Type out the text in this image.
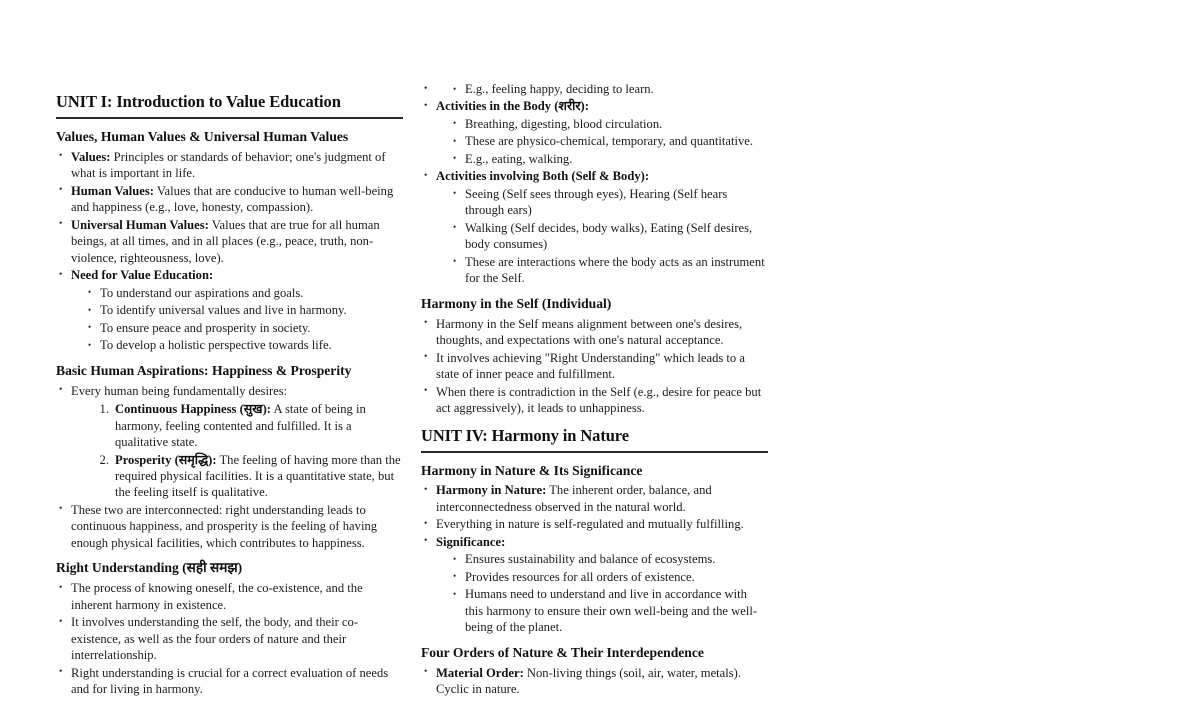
UNIT I: Introduction to Value Education
Values, Human Values & Universal Human Values
• Values: Principles or standards of behavior; one's judgment of what is important in life.
• Human Values: Values that are conducive to human well-being and happiness (e.g., love, honesty, compassion).
• Universal Human Values: Values that are true for all human beings, at all times, and in all places (e.g., peace, truth, non-violence, righteousness, love).
• Need for Value Education:
• To understand our aspirations and goals.
• To identify universal values and live in harmony.
• To ensure peace and prosperity in society.
• To develop a holistic perspective towards life.
Basic Human Aspirations: Happiness & Prosperity
• Every human being fundamentally desires:
Continuous Happiness (सुख): A state of being in harmony, feeling contented and fulfilled. It is a qualitative state.
Prosperity (समृद्धि): The feeling of having more than the required physical facilities. It is a quantitative state, but the feeling itself is qualitative.
• These two are interconnected: right understanding leads to continuous happiness, and prosperity is the feeling of having enough physical facilities, which contributes to happiness.
Right Understanding (सही समझ)
• The process of knowing oneself, the co-existence, and the inherent harmony in existence.
• It involves understanding the self, the body, and their co-existence, as well as the four orders of nature and their interrelationship.
• Right understanding is crucial for a correct evaluation of needs and for living in harmony.
• • E.g., feeling happy, deciding to learn.
• Activities in the Body (शरीर):
• Breathing, digesting, blood circulation.
• These are physico-chemical, temporary, and quantitative.
• E.g., eating, walking.
• Activities involving Both (Self & Body):
• Seeing (Self sees through eyes), Hearing (Self hears through ears)
• Walking (Self decides, body walks), Eating (Self desires, body consumes)
• These are interactions where the body acts as an instrument for the Self.
Harmony in the Self (Individual)
• Harmony in the Self means alignment between one's desires, thoughts, and expectations with one's natural acceptance.
• It involves achieving "Right Understanding" which leads to a state of inner peace and fulfillment.
• When there is contradiction in the Self (e.g., desire for peace but act aggressively), it leads to unhappiness.
UNIT IV: Harmony in Nature
Harmony in Nature & Its Significance
• Harmony in Nature: The inherent order, balance, and interconnectedness observed in the natural world.
• Everything in nature is self-regulated and mutually fulfilling.
• Significance:
• Ensures sustainability and balance of ecosystems.
• Provides resources for all orders of existence.
• Humans need to understand and live in accordance with this harmony to ensure their own well-being and the well-being of the planet.
Four Orders of Nature & Their Interdependence
• Material Order: Non-living things (soil, air, water, metals). Cyclic in nature.
